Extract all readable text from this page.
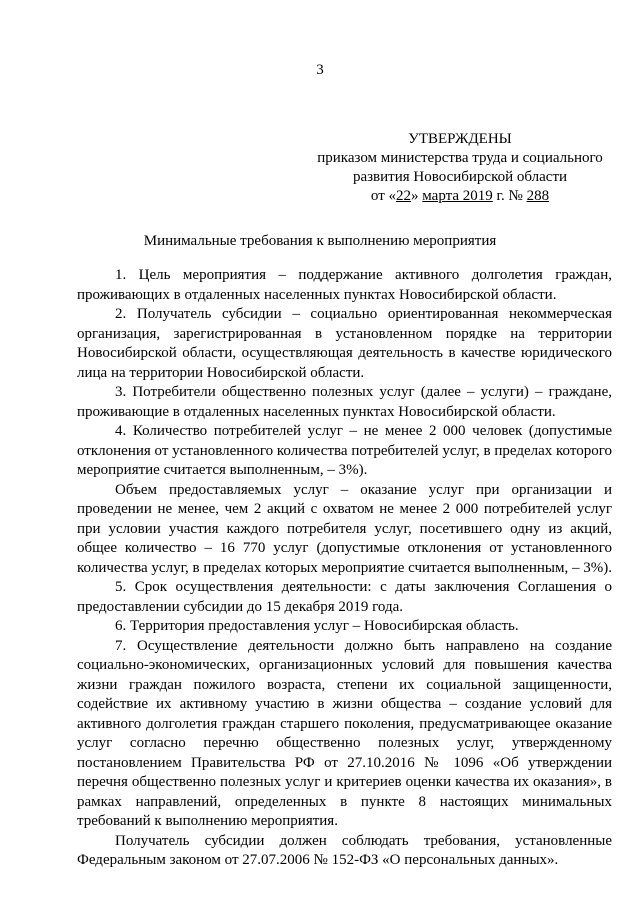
3
УТВЕРЖДЕНЫ
приказом министерства труда и социального
развития Новосибирской области
от «22» марта 2019 г. № 288
Минимальные требования к выполнению мероприятия

1. Цель мероприятия – поддержание активного долголетия граждан, проживающих в отдаленных населенных пунктах Новосибирской области.

2. Получатель субсидии – социально ориентированная некоммерческая организация, зарегистрированная в установленном порядке на территории Новосибирской области, осуществляющая деятельность в качестве юридического лица на территории Новосибирской области.

3. Потребители общественно полезных услуг (далее – услуги) – граждане, проживающие в отдаленных населенных пунктах Новосибирской области.

4. Количество потребителей услуг – не менее 2 000 человек (допустимые отклонения от установленного количества потребителей услуг, в пределах которого мероприятие считается выполненным, – 3%).

Объем предоставляемых услуг – оказание услуг при организации и проведении не менее, чем 2 акций с охватом не менее 2 000 потребителей услуг при условии участия каждого потребителя услуг, посетившего одну из акций, общее количество – 16 770 услуг (допустимые отклонения от установленного количества услуг, в пределах которых мероприятие считается выполненным, – 3%).

5. Срок осуществления деятельности: с даты заключения Соглашения о предоставлении субсидии до 15 декабря 2019 года.

6. Территория предоставления услуг – Новосибирская область.

7. Осуществление деятельности должно быть направлено на создание социально-экономических, организационных условий для повышения качества жизни граждан пожилого возраста, степени их социальной защищенности, содействие их активному участию в жизни общества – создание условий для активного долголетия граждан старшего поколения, предусматривающее оказание услуг согласно перечню общественно полезных услуг, утвержденному постановлением Правительства РФ от 27.10.2016 № 1096 «Об утверждении перечня общественно полезных услуг и критериев оценки качества их оказания», в рамках направлений, определенных в пункте 8 настоящих минимальных требований к выполнению мероприятия.

Получатель субсидии должен соблюдать требования, установленные Федеральным законом от 27.07.2006 № 152-ФЗ «О персональных данных».
